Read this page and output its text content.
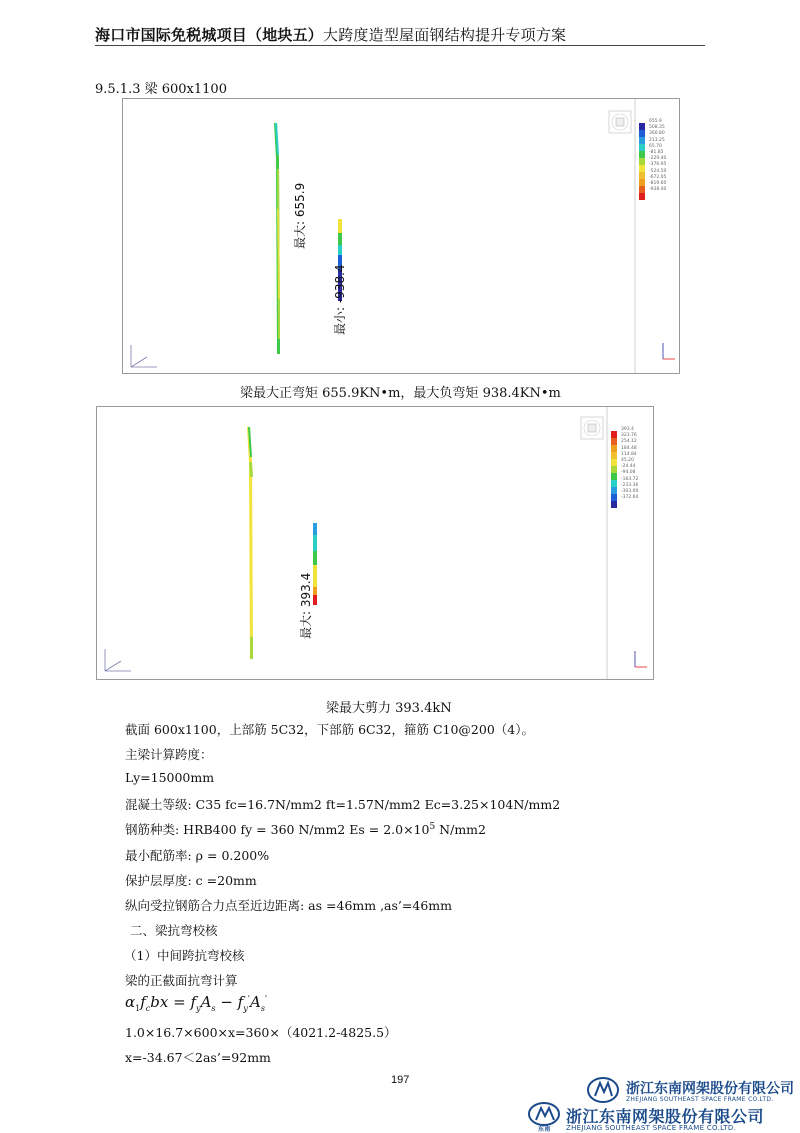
海口市国际免税城项目（地块五）大跨度造型屋面钢结构提升专项方案
9.5.1.3 梁 600x1100
655.9
508.35
360.80
213.25
65.70
-81.85
-229.40
-376.95
-524.50
-672.05
-819.60
-938.40
最大: 655.9
最小: -938.4
梁最大正弯矩 655.9KN•m，最大负弯矩 938.4KN•m
393.4
323.76
254.12
184.48
114.84
45.20
-24.44
-94.08
-163.72
-233.36
-303.00
-372.64
最大: 393.4
梁最大剪力 393.4kN
截面 600x1100，上部筋 5C32，下部筋 6C32，箍筋 C10@200（4）。
主梁计算跨度：
Ly=15000mm
混凝土等级: C35 fc=16.7N/mm2 ft=1.57N/mm2 Ec=3.25×104N/mm2
钢筋种类: HRB400 fy = 360 N/mm2 $Es = 2.0\times 10^5$ N/mm2
最小配筋率: ρ = 0.200%
保护层厚度: c =20mm
纵向受拉钢筋合力点至近边距离: as =46mm ,as’=46mm
二、梁抗弯校核
（1）中间跨抗弯校核
梁的正截面抗弯计算
$\alpha_1f_cbx = f_yA_s - f_y'A_s'$
1.0×16.7×600×x=360×（4021.2-4825.5）
x=-34.67＜2as’=92mm
197
浙江东南网架股份有限公司
ZHEJIANG SOUTHEAST SPACE FRAME CO.LTD.
东南
浙江东南网架股份有限公司
ZHEJIANG SOUTHEAST SPACE FRAME CO.LTD.
